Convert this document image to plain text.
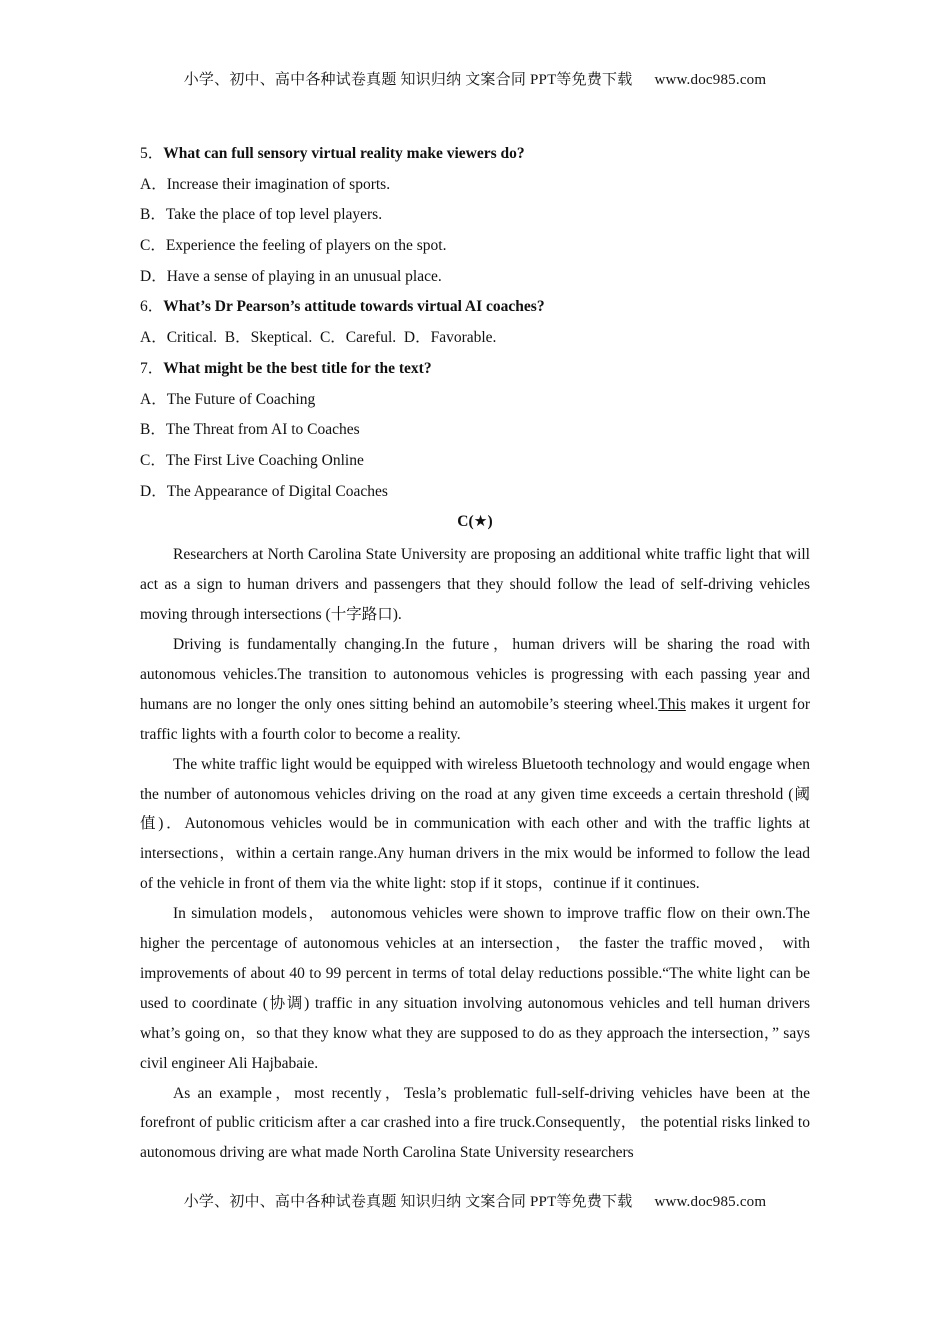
小学、初中、高中各种试卷真题 知识归纳 文案合同 PPT等免费下载 www.doc985.com
5．What can full sensory virtual reality make viewers do?
A．Increase their imagination of sports.
B．Take the place of top level players.
C．Experience the feeling of players on the spot.
D．Have a sense of playing in an unusual place.
6．What’s Dr Pearson’s attitude towards virtual AI coaches?
A．Critical.  B．Skeptical.  C．Careful.  D．Favorable.
7．What might be the best title for the text?
A．The Future of Coaching
B．The Threat from AI to Coaches
C．The First Live Coaching Online
D．The Appearance of Digital Coaches
C(★)

Researchers at North Carolina State University are proposing an additional white traffic light that will act as a sign to human drivers and passengers that they should follow the lead of self-driving vehicles moving through intersections (十字路口).

Driving is fundamentally changing.In the future，human drivers will be sharing the road with autonomous vehicles.The transition to autonomous vehicles is progressing with each passing year and humans are no longer the only ones sitting behind an automobile’s steering wheel.This makes it urgent for traffic lights with a fourth color to become a reality.

The white traffic light would be equipped with wireless Bluetooth technology and would engage when the number of autonomous vehicles driving on the road at any given time exceeds a certain threshold (阈值)．Autonomous vehicles would be in communication with each other and with the traffic lights at intersections，within a certain range.Any human drivers in the mix would be informed to follow the lead of the vehicle in front of them via the white light: stop if it stops，continue if it continues.

In simulation models， autonomous vehicles were shown to improve traffic flow on their own.The higher the percentage of autonomous vehicles at an intersection， the faster the traffic moved， with improvements of about 40 to 99 percent in terms of total delay reductions possible.“The white light can be used to coordinate (协调) traffic in any situation involving autonomous vehicles and tell human drivers what’s going on，so that they know what they are supposed to do as they approach the intersection，” says civil engineer Ali Hajbabaie.

As an example，most recently，Tesla’s problematic full-self-driving vehicles have been at the forefront of public criticism after a car crashed into a fire truck.Consequently， the potential risks linked to autonomous driving are what made North Carolina State University researchers

小学、初中、高中各种试卷真题 知识归纳 文案合同 PPT等免费下载 www.doc985.com
